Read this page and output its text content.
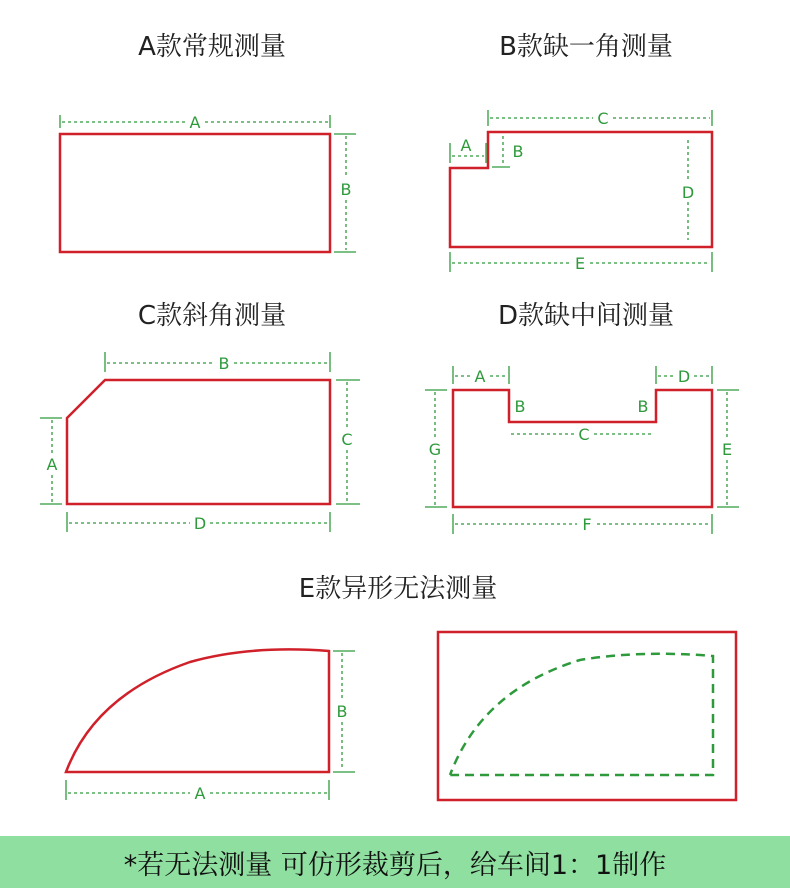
A款常规测量
A
B
B款缺一角测量
C
A	B
D
E
C款斜角测量
B
C
A
D
D款缺中间测量
A	D
B	B
C
G	E
F
E款异形无法测量
B
A
*若无法测量 可仿形裁剪后，给车间1：1制作
